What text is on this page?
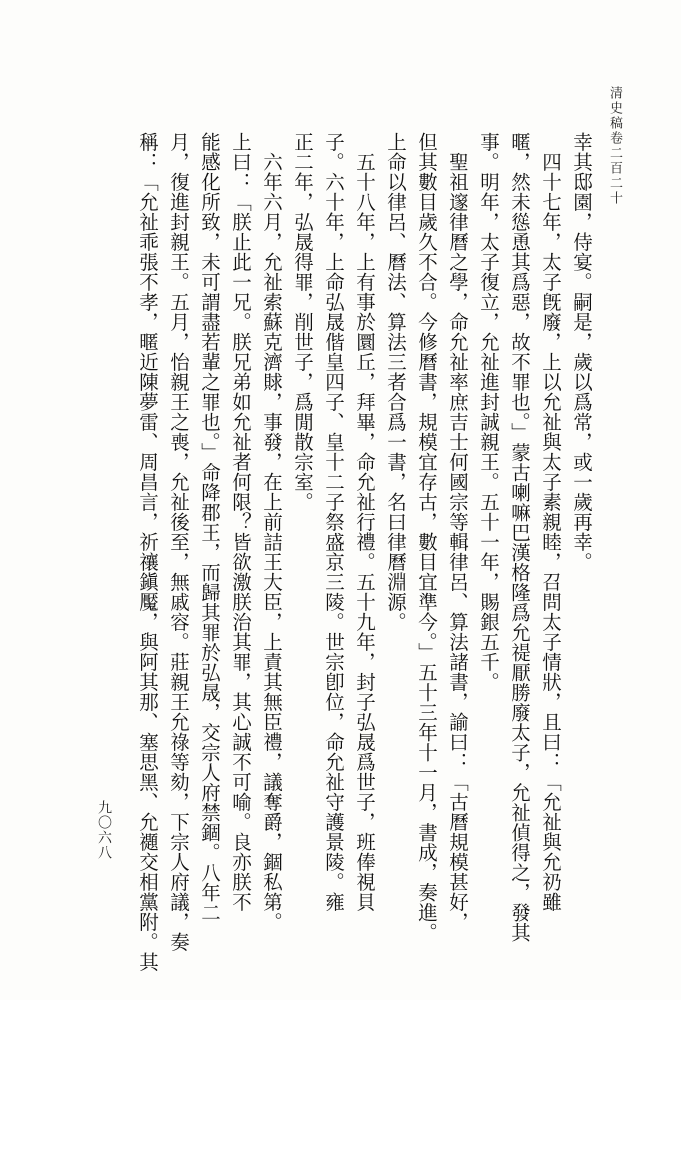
清史稿卷二百二十
幸其邸園，侍宴。嗣是，歲以爲常，或一歲再幸。
四十七年，太子旣廢，上以允祉與太子素親睦，召問太子情狀，且曰：「允祉與允礽雖
暱，然未慫恿其爲惡，故不罪也。」蒙古喇嘛巴漢格隆爲允禔厭勝廢太子，允祉偵得之，發其
事。明年，太子復立，允祉進封誠親王。五十一年，賜銀五千。
聖祖邃律曆之學，命允祉率庶吉士何國宗等輯律呂、算法諸書，諭曰：「古曆規模甚好，
但其數目歲久不合。今修曆書，規模宜存古，數目宜準今。」五十三年十一月，書成，奏進。
上命以律呂、曆法、算法三者合爲一書，名曰律曆淵源。
五十八年，上有事於圜丘，拜畢，命允祉行禮。五十九年，封子弘晟爲世子，班俸視貝
子。六十年，上命弘晟偕皇四子、皇十二子祭盛京三陵。世宗卽位，命允祉守護景陵。雍
正二年，弘晟得罪，削世子，爲閒散宗室。
六年六月，允祉索蘇克濟賕，事發，在上前詰王大臣，上責其無臣禮，議奪爵，錮私第。
上曰：「朕止此一兄。朕兄弟如允祉者何限？皆欲激朕治其罪，其心誠不可喻。良亦朕不
能感化所致，未可謂盡若輩之罪也。」命降郡王，而歸其罪於弘晟，交宗人府禁錮。八年二
月，復進封親王。五月，怡親王之喪，允祉後至，無戚容。莊親王允祿等劾，下宗人府議，奏
稱：「允祉乖張不孝，暱近陳夢雷、周昌言，祈禳鎭魘，與阿其那、塞思黑、允禵交相黨附。其
九〇六八
